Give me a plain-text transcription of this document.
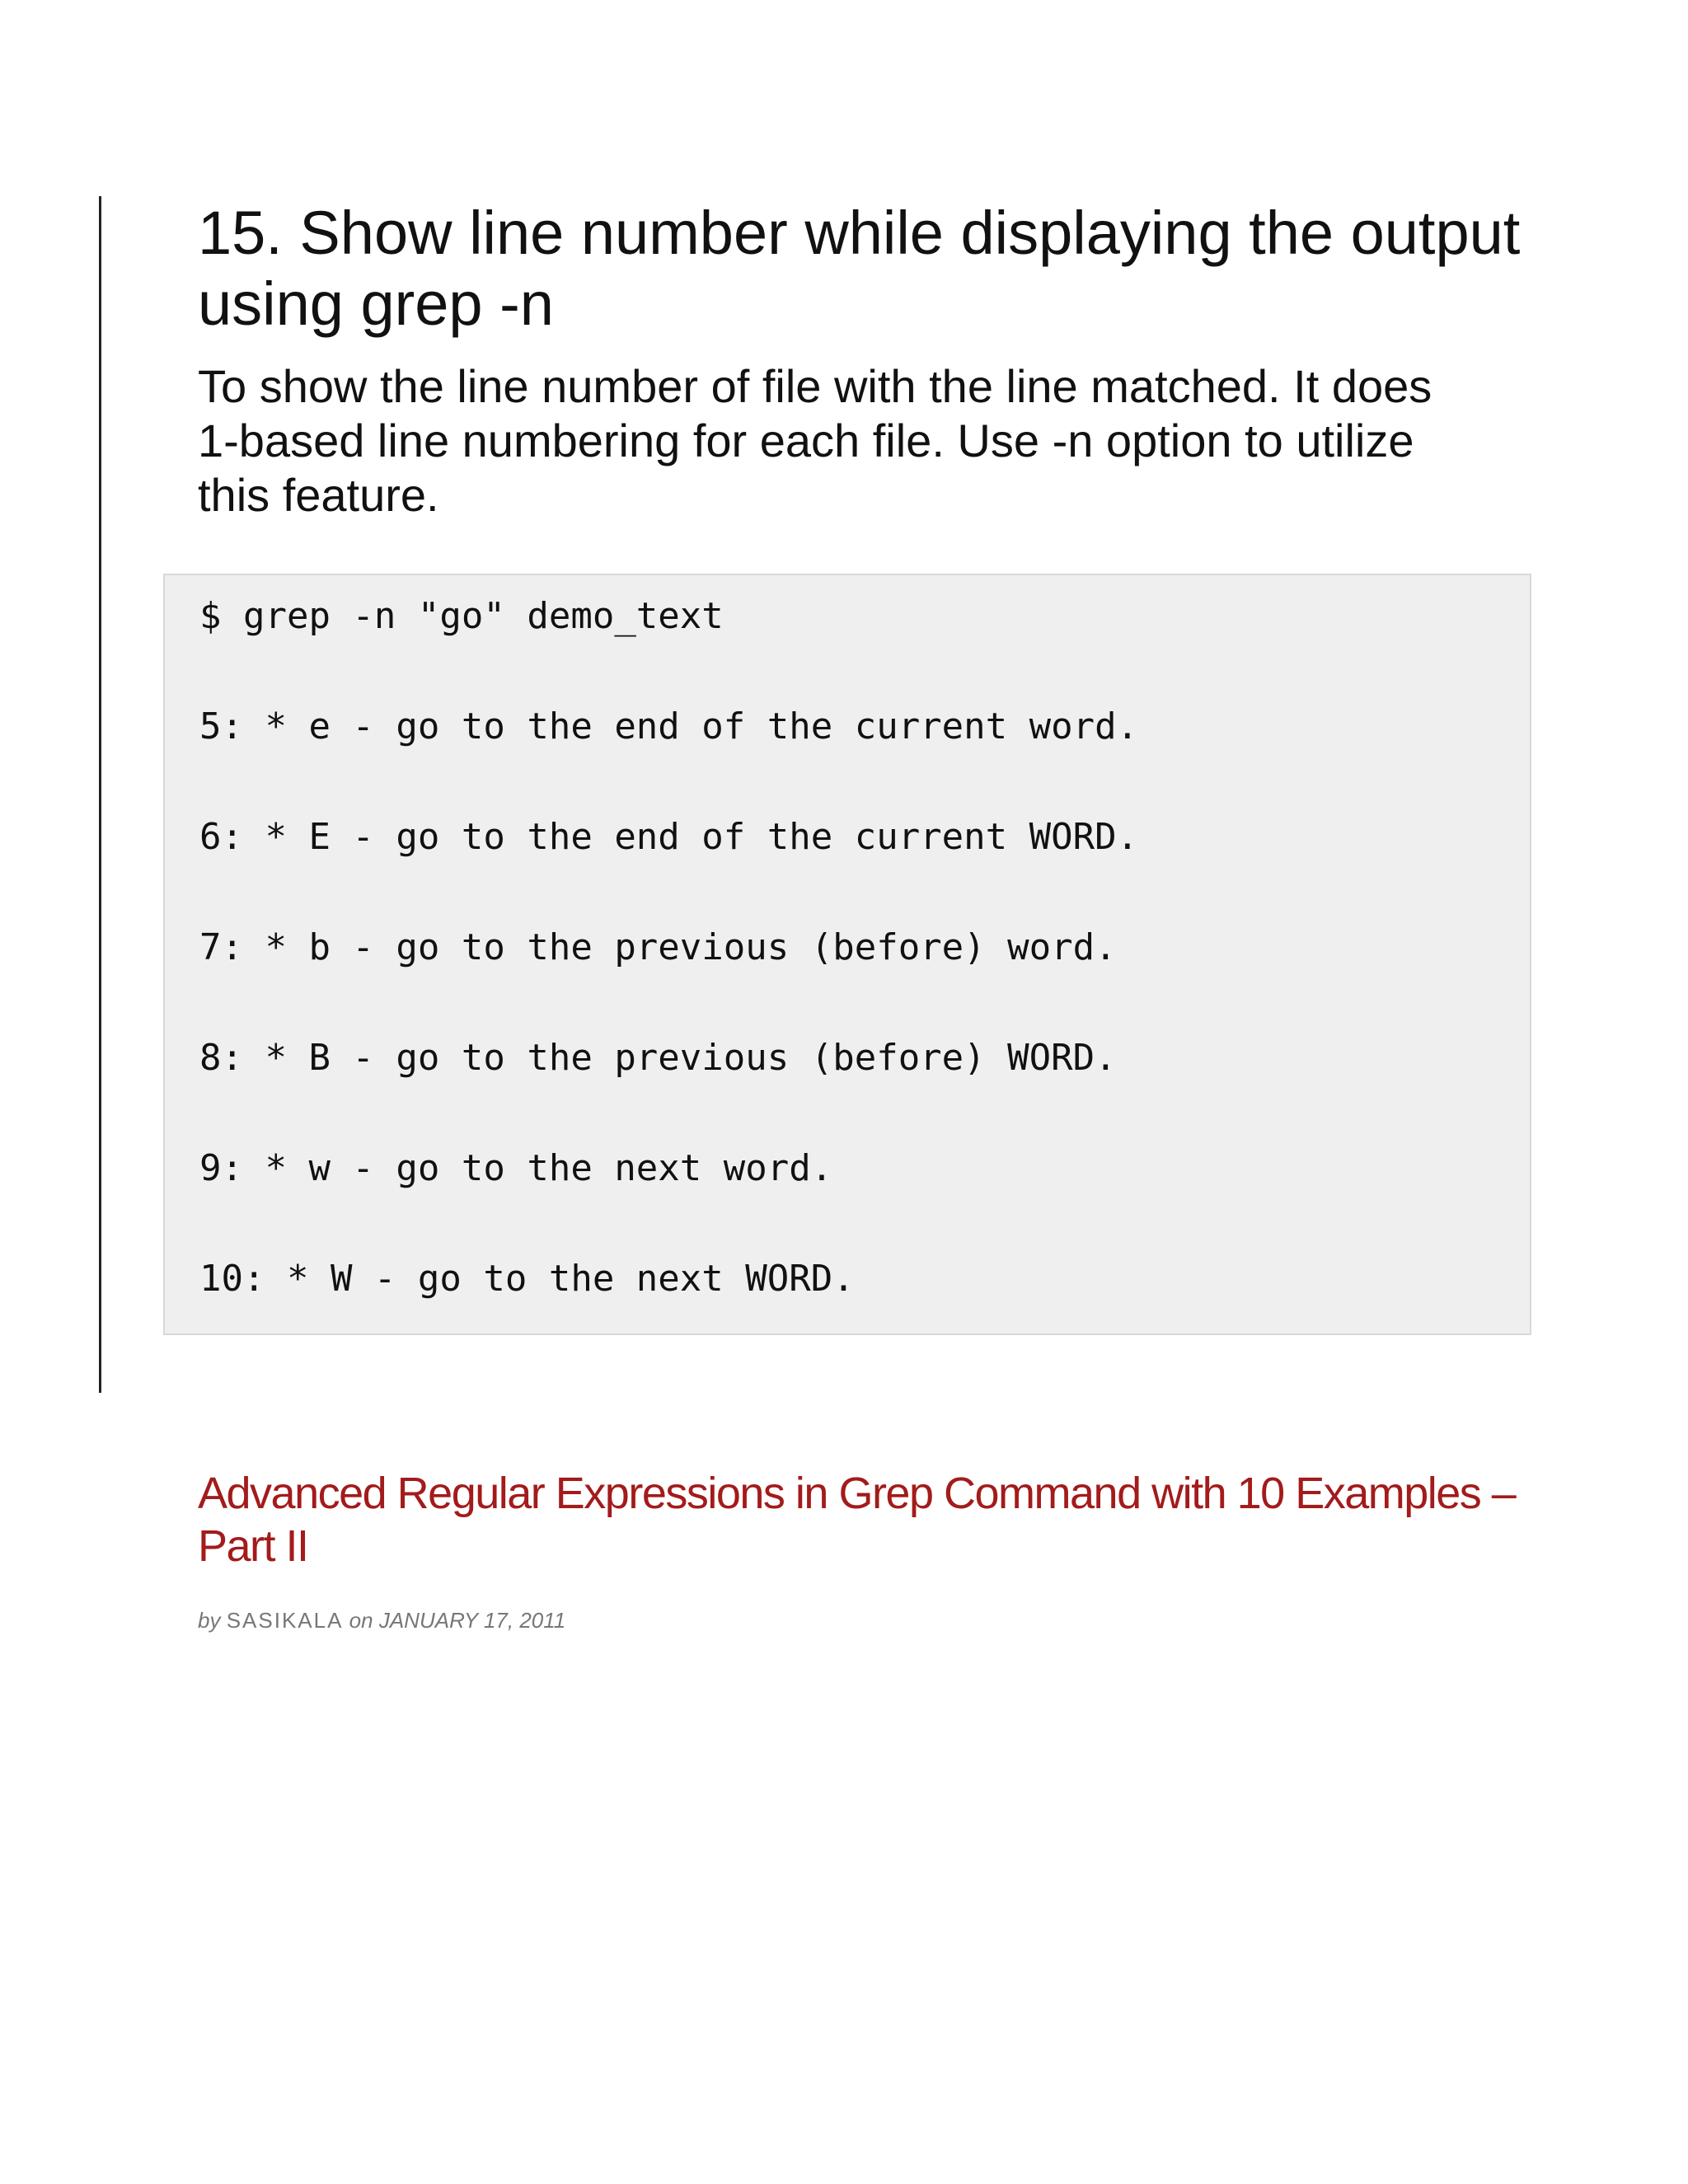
15. Show line number while displaying the output using grep -n

To show the line number of file with the line matched. It does 1-based line numbering for each file. Use -n option to utilize this feature.

$ grep -n "go" demo_text
5: * e - go to the end of the current word.
6: * E - go to the end of the current WORD.
7: * b - go to the previous (before) word.
8: * B - go to the previous (before) WORD.
9: * w - go to the next word.
10: * W - go to the next WORD.
Advanced Regular Expressions in Grep Command with 10 Examples – Part II
by SASIKALA on JANUARY 17, 2011
